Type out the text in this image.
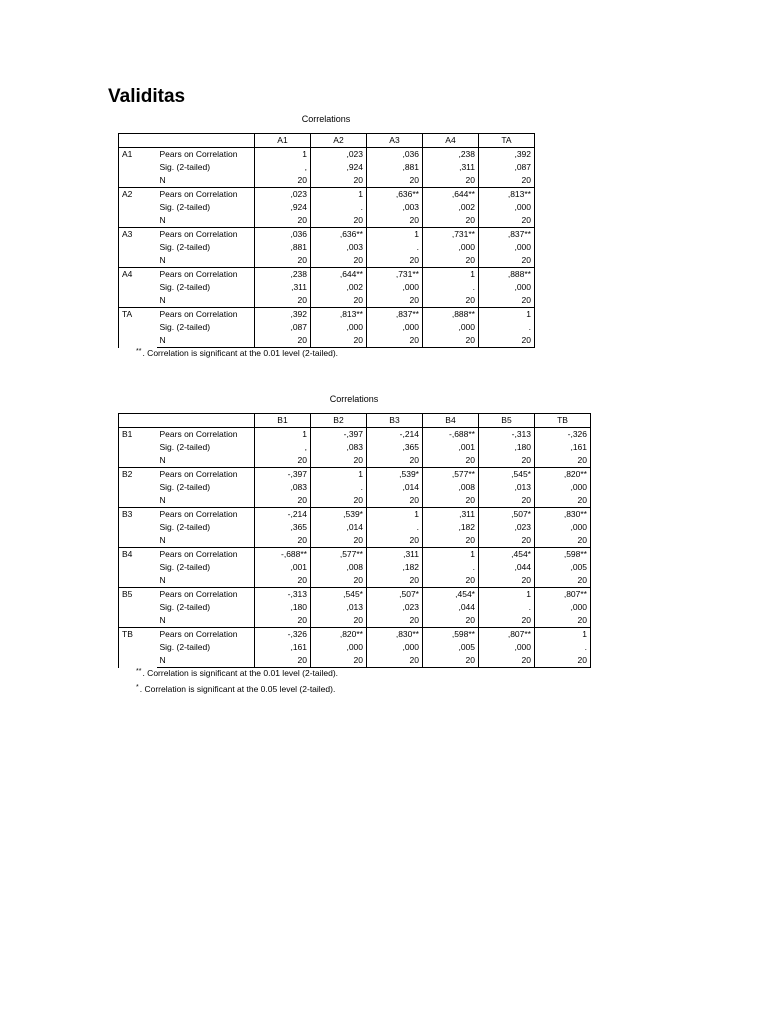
Validitas
Correlations
		A1	A2	A3	A4	TA
A1	Pears on Correlation	1	,023	,036	,238	,392
	Sig. (2-tailed)	,	,924	,881	,311	,087
	N	20	20	20	20	20
A2	Pears on Correlation	,023	1	,636**	,644**	,813**
	Sig. (2-tailed)	,924	.	,003	,002	,000
	N	20	20	20	20	20
A3	Pears on Correlation	,036	,636**	1	,731**	,837**
	Sig. (2-tailed)	,881	,003	.	,000	,000
	N	20	20	20	20	20
A4	Pears on Correlation	,238	,644**	,731**	1	,888**
	Sig. (2-tailed)	,311	,002	,000	.	,000
	N	20	20	20	20	20
TA	Pears on Correlation	,392	,813**	,837**	,888**	1
	Sig. (2-tailed)	,087	,000	,000	,000	.
	N	20	20	20	20	20
**. Correlation is significant at the 0.01 level (2-tailed).
Correlations
		B1	B2	B3	B4	B5	TB
B1	Pears on Correlation	1	-,397	-,214	-,688**	-,313	-,326
	Sig. (2-tailed)	,	,083	,365	,001	,180	,161
	N	20	20	20	20	20	20
B2	Pears on Correlation	-,397	1	,539*	,577**	,545*	,820**
	Sig. (2-tailed)	,083	.	,014	,008	,013	,000
	N	20	20	20	20	20	20
B3	Pears on Correlation	-,214	,539*	1	,311	,507*	,830**
	Sig. (2-tailed)	,365	,014	.	,182	,023	,000
	N	20	20	20	20	20	20
B4	Pears on Correlation	-,688**	,577**	,311	1	,454*	,598**
	Sig. (2-tailed)	,001	,008	,182	.	,044	,005
	N	20	20	20	20	20	20
B5	Pears on Correlation	-,313	,545*	,507*	,454*	1	,807**
	Sig. (2-tailed)	,180	,013	,023	,044	.	,000
	N	20	20	20	20	20	20
TB	Pears on Correlation	-,326	,820**	,830**	,598**	,807**	1
	Sig. (2-tailed)	,161	,000	,000	,005	,000	.
	N	20	20	20	20	20	20
**. Correlation is significant at the 0.01 level (2-tailed).
*. Correlation is significant at the 0.05 level (2-tailed).
